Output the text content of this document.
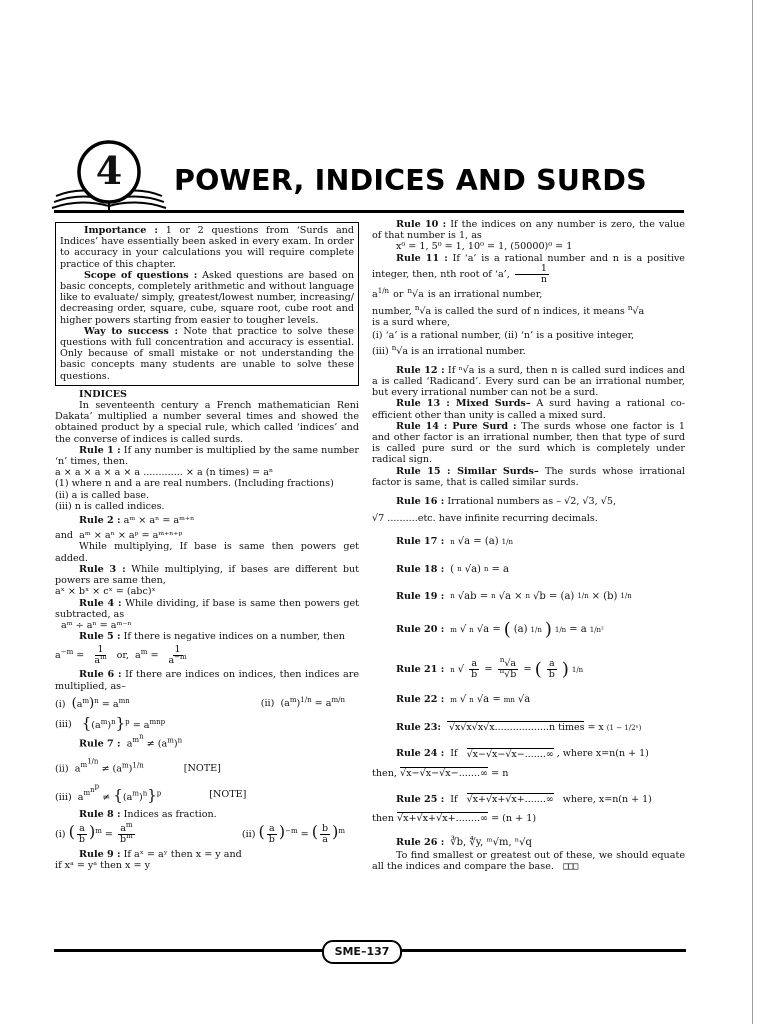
4 POWER, INDICES AND SURDS

Importance : 1 or 2 questions from ‘Surds and Indices’ have essentially been asked in every exam. In order to accuracy in your calculations you will require complete practice of this chapter.

Scope of questions : Asked questions are based on basic concepts, completely arithmetic and without language like to evaluate/ simply, greatest/lowest number, increasing/ decreasing order, square, cube, square root, cube root and higher powers starting from easier to tougher levels.

Way to success : Note that practice to solve these questions with full concentration and accuracy is essential. Only because of small mistake or not understanding the basic concepts many students are unable to solve these questions.

INDICES

In seventeenth century a French mathematician Reni Dakata’ multiplied a number several times and showed the obtained product by a special rule, which called ‘indices’ and the converse of indices is called surds.

Rule 1 : If any number is multiplied by the same number ‘n’ times, then.

a × a × a × a × a ............. × a (n times) = aⁿ

(1) where n and a are real numbers. (Including fractions)

(ii) a is called base.

(iii) n is called indices.

Rule 2 : aᵐ × aⁿ = aᵐ⁺ⁿ

and aᵐ × aⁿ × aᵖ = aᵐ⁺ⁿ⁺ᵖ

While multiplying, If base is same then powers get added.

Rule 3 : While multiplying, if bases are different but powers are same then,

aˣ × bˣ × cˣ = (abc)ˣ

Rule 4 : While dividing, if base is same then powers get subtracted, as

aᵐ ÷ aⁿ = aᵐ⁻ⁿ

Rule 5 : If there is negative indices on a number, then

$a^{-m} = \frac{1}{a^m}$ or, $a^m = \frac{1}{a^{-m}}$

Rule 6 : If there are indices on indices, then indices are multiplied, as–

(i) $(a^m)^n = a^{mn}$	(ii)  $(a^m)^{1/n} = a^{m/n}$
(iii) $\{(a^m)^n\}^p = a^{mnp}$

Rule 7 :  $a^{m^n} \ne (a^m)^n$

(ii)  $a^{m^{1/n}} \ne (a^m)^{1/n}$	[NOTE]
(iii)  $a^{m^{n^p}} \ne \{(a^m)^n\}^p$	[NOTE]

Rule 8 : Indices as fraction.

(i) ( $\frac{a}{b} )^m = \frac{a^m}{b^m}$	(ii) ( $\frac{a}{b} )^{-m}$ = ( $\frac{b}{a} )^m$

Rule 9 : If aˣ = aʸ then x = y and

if xᵃ = yᵃ then x = y

Rule 10 : If the indices on any number is zero, the value of that number is 1, as

x⁰ = 1, 5⁰ = 1, 10⁰ = 1, (50000)⁰ = 1

Rule 11 : If ‘a’ is a rational number and n is a positive integer, then, nth root of ‘a’, $\frac{1}{n}$

$a^{1/n}$ or $^n$√a is an irrational number,

number, $^n$√a is called the surd of n indices, it means $^n$√a

is a surd where,

(i) ‘a’ is a rational number, (ii) ‘n’ is a positive integer,

(iii) $^n$√a is an irrational number.

Rule 12 : If ⁿ√a is a surd, then n is called surd indices and a is called ‘Radicand’. Every surd can be an irrational number, but every irrational number can not be a surd.

Rule 13 : Mixed Surds– A surd having a rational co-efficient other than unity is called a mixed surd.

Rule 14 : Pure Surd : The surds whose one factor is 1 and other factor is an irrational number, then that type of surd is called pure surd or the surd which is completely under radical sign.

Rule 15 : Similar Surds– The surds whose irrational factor is same, that is called similar surds.

Rule 16 : Irrational numbers as – √2, √3, √5,

√7 ..........etc. have infinite recurring decimals.

Rule 17 : n √a = (a) 1/n
Rule 18 : ( n √a) n = a
Rule 19 : n √ab = n √a × n √b = (a) 1/n × (b) 1/n
Rule 20 : m √ n √a = ( (a) 1/n ) 1/n = a 1/n²
Rule 21 : n √ $\frac{a}{b} = \frac{^n√a}{^n√b}$ = ( $\frac{a}{b}$ ) 1/n
Rule 22 : m √ n √a = mn √a
Rule 23: √x√x√x√x..................n times = x (1 − 1/2ⁿ)
Rule 24 : If
√x−√x−√x−.......∞ , where x=n(n + 1)

then, √x−√x−√x−.......∞ = n

Rule 25 : If
√x+√x+√x+.......∞
where, x=n(n + 1)

then √x+√x+√x+........∞ = (n + 1)

Rule 26 : ∛b, ∜y, ᵐ√m, ⁿ√q

To find smallest or greatest out of these, we should equate all the indices and compare the base. □□□

SME–137
